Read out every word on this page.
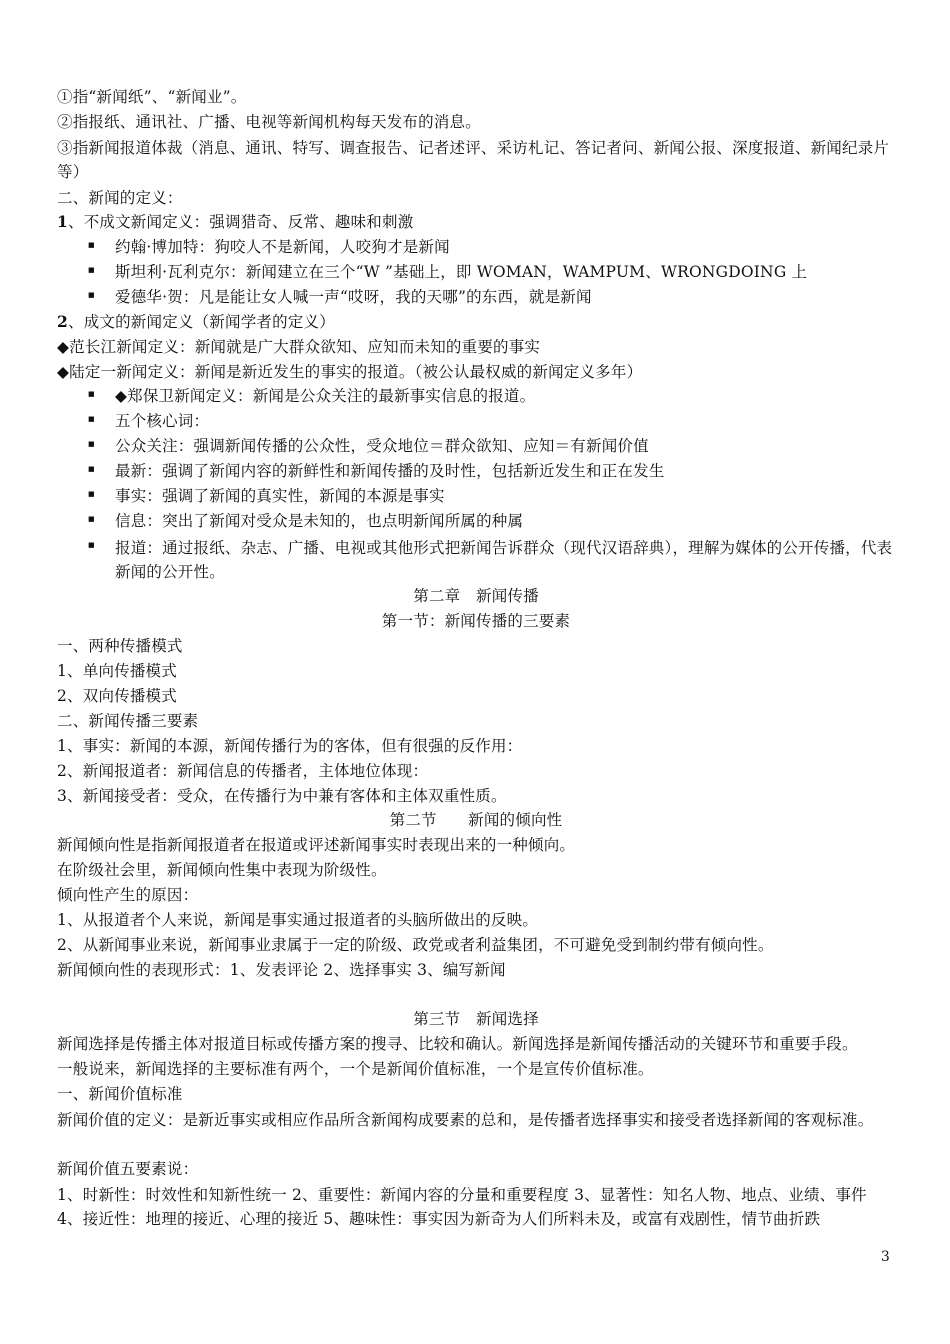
①指“新闻纸”、“新闻业”。
②指报纸、通讯社、广播、电视等新闻机构每天发布的消息。
③指新闻报道体裁（消息、通讯、特写、调查报告、记者述评、采访札记、答记者问、新闻公报、深度报道、新闻纪录片等）
二、新闻的定义：
1、不成文新闻定义：强调猎奇、反常、趣味和刺激
■
约翰·博加特：狗咬人不是新闻，人咬狗才是新闻
■
斯坦利·瓦利克尔：新闻建立在三个“W ”基础上，即 WOMAN，WAMPUM、WRONGDOING 上
■
爱德华·贺：凡是能让女人喊一声“哎呀，我的天哪”的东西，就是新闻
2、成文的新闻定义（新闻学者的定义）
◆范长江新闻定义：新闻就是广大群众欲知、应知而未知的重要的事实
◆陆定一新闻定义：新闻是新近发生的事实的报道。（被公认最权威的新闻定义多年）
■
◆郑保卫新闻定义：新闻是公众关注的最新事实信息的报道。
■
五个核心词：
■
公众关注：强调新闻传播的公众性，受众地位＝群众欲知、应知＝有新闻价值
■
最新：强调了新闻内容的新鲜性和新闻传播的及时性，包括新近发生和正在发生
■
事实：强调了新闻的真实性，新闻的本源是事实
■
信息：突出了新闻对受众是未知的，也点明新闻所属的种属
■
报道：通过报纸、杂志、广播、电视或其他形式把新闻告诉群众（现代汉语辞典），理解为媒体的公开传播，代表新闻的公开性。
第二章　新闻传播
第一节：新闻传播的三要素
一、两种传播模式
1、单向传播模式
2、双向传播模式
二、新闻传播三要素
1、事实：新闻的本源，新闻传播行为的客体，但有很强的反作用：
2、新闻报道者：新闻信息的传播者，主体地位体现：
3、新闻接受者：受众，在传播行为中兼有客体和主体双重性质。
第二节　　新闻的倾向性
新闻倾向性是指新闻报道者在报道或评述新闻事实时表现出来的一种倾向。
在阶级社会里，新闻倾向性集中表现为阶级性。
倾向性产生的原因：
1、从报道者个人来说，新闻是事实通过报道者的头脑所做出的反映。
2、从新闻事业来说，新闻事业隶属于一定的阶级、政党或者利益集团，不可避免受到制约带有倾向性。
新闻倾向性的表现形式：1、发表评论 2、选择事实 3、编写新闻
第三节　新闻选择
新闻选择是传播主体对报道目标或传播方案的搜寻、比较和确认。新闻选择是新闻传播活动的关键环节和重要手段。
一般说来，新闻选择的主要标准有两个，一个是新闻价值标准，一个是宣传价值标准。
一、新闻价值标准
新闻价值的定义：是新近事实或相应作品所含新闻构成要素的总和，是传播者选择事实和接受者选择新闻的客观标准。
新闻价值五要素说：
1、时新性：时效性和知新性统一 2、重要性：新闻内容的分量和重要程度 3、显著性：知名人物、地点、业绩、事件 4、接近性：地理的接近、心理的接近 5、趣味性：事实因为新奇为人们所料未及，或富有戏剧性，情节曲折跌
3
